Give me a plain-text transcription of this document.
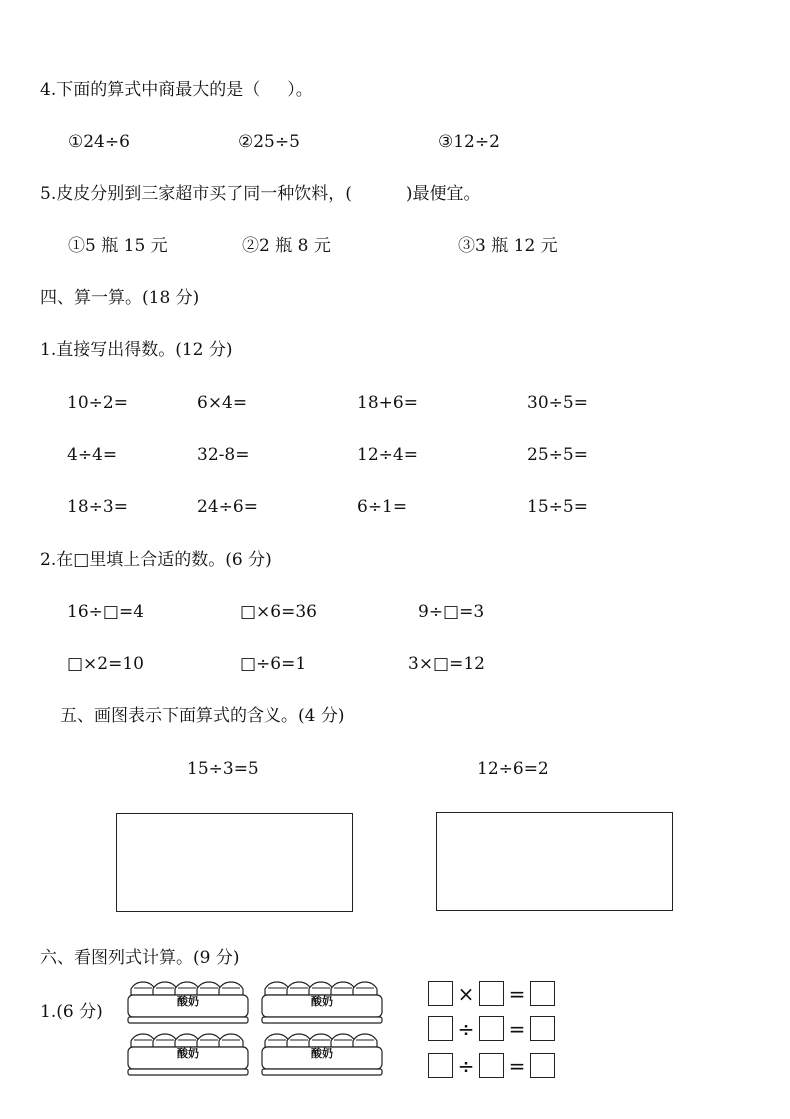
4.下面的算式中商最大的是（     ）。
①24÷6	②25÷5	③12÷2
5.皮皮分别到三家超市买了同一种饮料，(          )最便宜。
①5 瓶 15 元	②2 瓶 8 元	③3 瓶 12 元
四、算一算。(18 分)
1.直接写出得数。(12 分)
10÷2=	6×4=	18+6=	30÷5=
4÷4=	32-8=	12÷4=	25÷5=
18÷3=	24÷6=	6÷1=	15÷5=
2.在□里填上合适的数。(6 分)
16÷□=4	□×6=36	9÷□=3
□×2=10	□÷6=1	3×□=12
五、画图表示下面算式的含义。(4 分)
15÷3=5	12÷6=2
六、看图列式计算。(9 分)
1.(6 分)
酸奶	酸奶
酸奶	酸奶
× =
÷ =
÷ =
